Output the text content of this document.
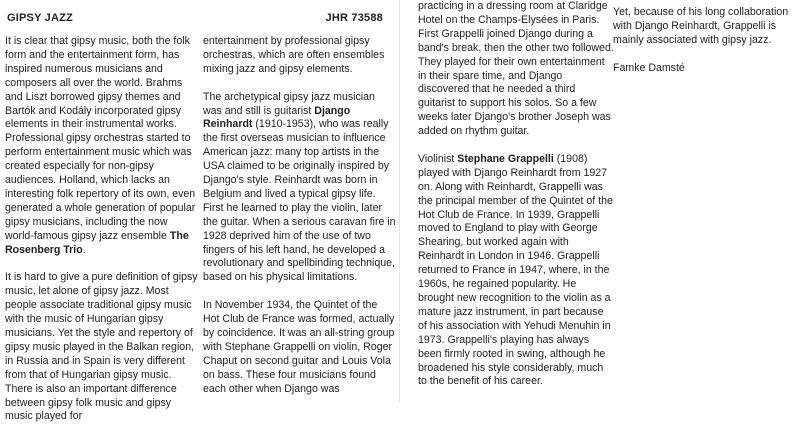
GIPSY JAZZ	JHR 73588

It is clear that gipsy music, both the folk form and the entertainment form, has inspired numerous musicians and composers all over the world. Brahms and Liszt borrowed gipsy themes and Bartók and Kodály incorporated gipsy elements in their instrumental works. Professional gipsy orchestras started to perform entertainment music which was created especially for non-gipsy audiences. Holland, which lacks an interesting folk repertory of its own, even generated a whole generation of popular gipsy musicians, including the now world-famous gipsy jazz ensemble The Rosenberg Trio.

It is hard to give a pure definition of gipsy music, let alone of gipsy jazz. Most people associate traditional gipsy music with the music of Hungarian gipsy musicians. Yet the style and repertory of gipsy music played in the Balkan region, in Russia and in Spain is very different from that of Hungarian gipsy music. There is also an important difference between gipsy folk music and gipsy music played for

entertainment by professional gipsy orchestras, which are often ensembles mixing jazz and gipsy elements.

The archetypical gipsy jazz musician was and still is guitarist Django Reinhardt (1910-1953), who was really the first overseas musician to influence American jazz: many top artists in the USA claimed to be originally inspired by Django's style. Reinhardt was born in Belgium and lived a typical gipsy life. First he learned to play the violin, later the guitar. When a serious caravan fire in 1928 deprived him of the use of two fingers of his left hand, he developed a revolutionary and spellbinding technique, based on his physical limitations.

In November 1934, the Quintet of the Hot Club de France was formed, actually by coincidence. It was an all-string group with Stephane Grappelli on violin, Roger Chaput on second guitar and Louis Vola on bass. These four musicians found each other when Django was

practicing in a dressing room at Claridge Hotel on the Champs-Elysées in Paris. First Grappelli joined Django during a band's break, then the other two followed. They played for their own entertainment in their spare time, and Django discovered that he needed a third guitarist to support his solos. So a few weeks later Django's brother Joseph was added on rhythm guitar.

Violinist Stephane Grappelli (1908) played with Django Reinhardt from 1927 on. Along with Reinhardt, Grappelli was the principal member of the Quintet of the Hot Club de France. In 1939, Grappelli moved to England to play with George Shearing, but worked again with Reinhardt in London in 1946. Grappelli returned to France in 1947, where, in the 1960s, he regained popularity. He brought new recognition to the violin as a mature jazz instrument, in part because of his association with Yehudi Menuhin in 1973. Grappelli's playing has always been firmly rooted in swing, although he broadened his style considerably, much to the benefit of his career.

Yet, because of his long collaboration with Django Reinhardt, Grappelli is mainly associated with gipsy jazz.

Famke Damsté
